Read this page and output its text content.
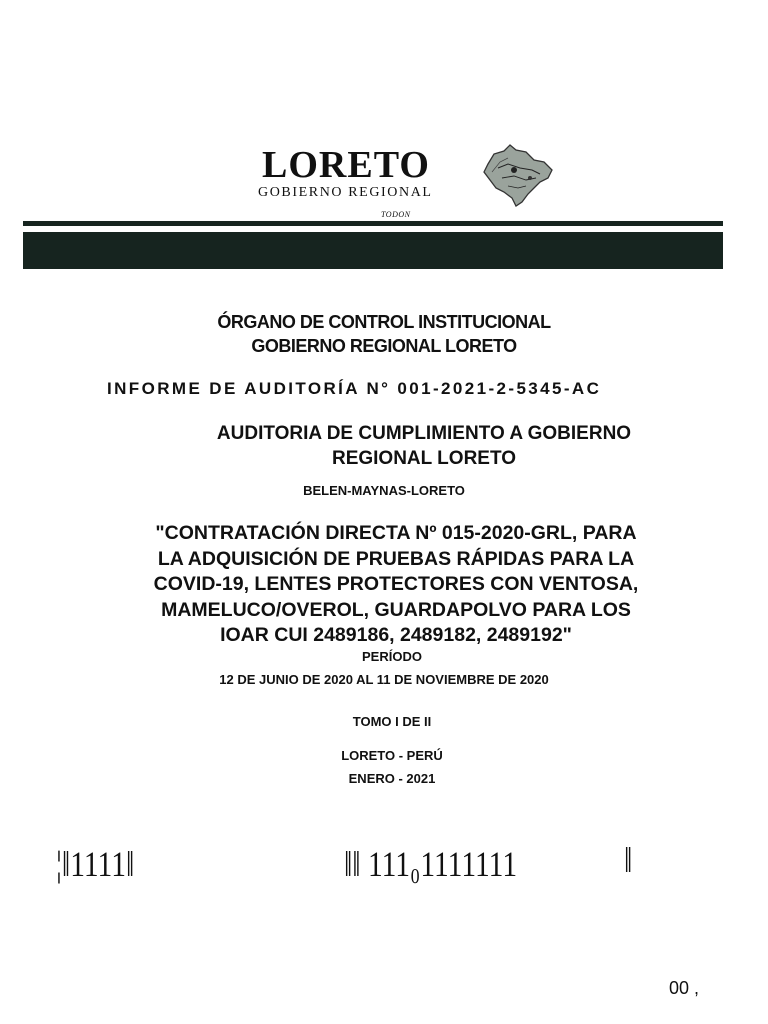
LORETO
GOBIERNO REGIONAL
TODON
ÓRGANO DE CONTROL INSTITUCIONAL
GOBIERNO REGIONAL LORETO
INFORME DE AUDITORÍA N° 001-2021-2-5345-AC
AUDITORIA DE CUMPLIMIENTO A GOBIERNO
REGIONAL LORETO
BELEN-MAYNAS-LORETO
"CONTRATACIÓN DIRECTA Nº 015-2020-GRL, PARA
LA ADQUISICIÓN DE PRUEBAS RÁPIDAS PARA LA
COVID-19, LENTES PROTECTORES CON VENTOSA,
MAMELUCO/OVEROL, GUARDAPOLVO PARA LOS
IOAR CUI 2489186, 2489182, 2489192"
PERÍODO
12 DE JUNIO DE 2020 AL 11 DE NOVIEMBRE DE 2020
TOMO I DE II
LORETO - PERÚ
ENERO - 2021
¦‖1111‖	‖‖ 111₀1111111	‖
00 ,
